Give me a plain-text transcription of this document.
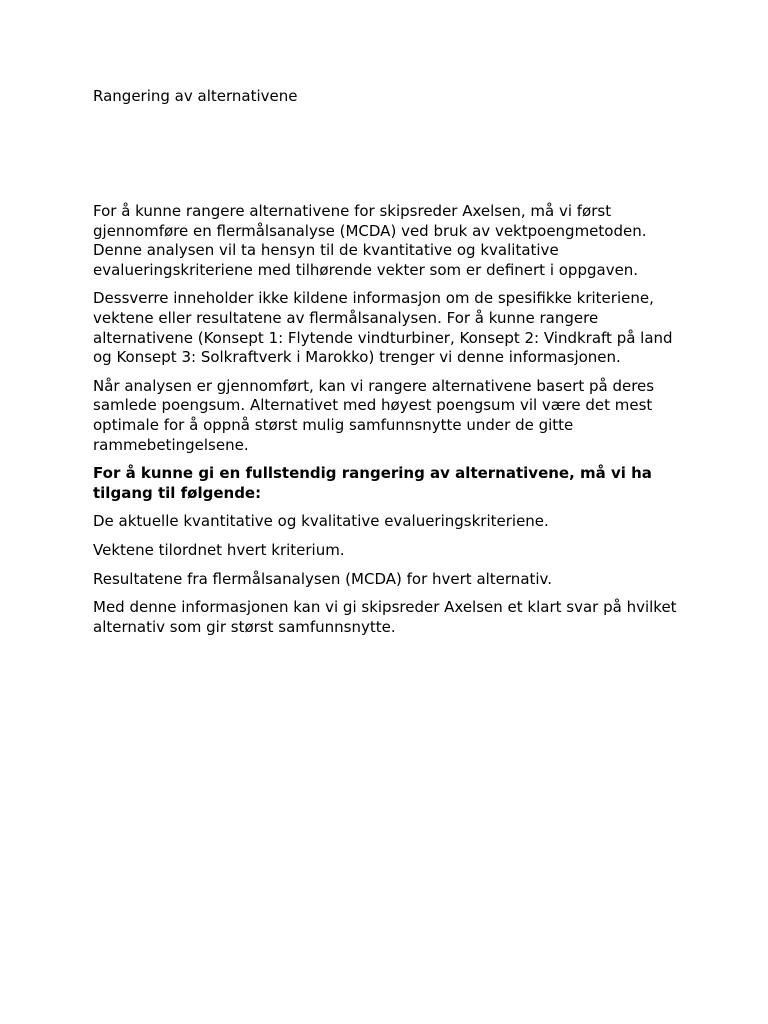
Rangering av alternativene

For å kunne rangere alternativene for skipsreder Axelsen, må vi først gjennomføre en flermålsanalyse (MCDA) ved bruk av vektpoengmetoden. Denne analysen vil ta hensyn til de kvantitative og kvalitative evalueringskriteriene med tilhørende vekter som er definert i oppgaven.

Dessverre inneholder ikke kildene informasjon om de spesifikke kriteriene, vektene eller resultatene av flermålsanalysen. For å kunne rangere alternativene (Konsept 1: Flytende vindturbiner, Konsept 2: Vindkraft på land og Konsept 3: Solkraftverk i Marokko) trenger vi denne informasjonen.

Når analysen er gjennomført, kan vi rangere alternativene basert på deres samlede poengsum. Alternativet med høyest poengsum vil være det mest optimale for å oppnå størst mulig samfunnsnytte under de gitte rammebetingelsene.

For å kunne gi en fullstendig rangering av alternativene, må vi ha tilgang til følgende:

De aktuelle kvantitative og kvalitative evalueringskriteriene.

Vektene tilordnet hvert kriterium.

Resultatene fra flermålsanalysen (MCDA) for hvert alternativ.

Med denne informasjonen kan vi gi skipsreder Axelsen et klart svar på hvilket alternativ som gir størst samfunnsnytte.
